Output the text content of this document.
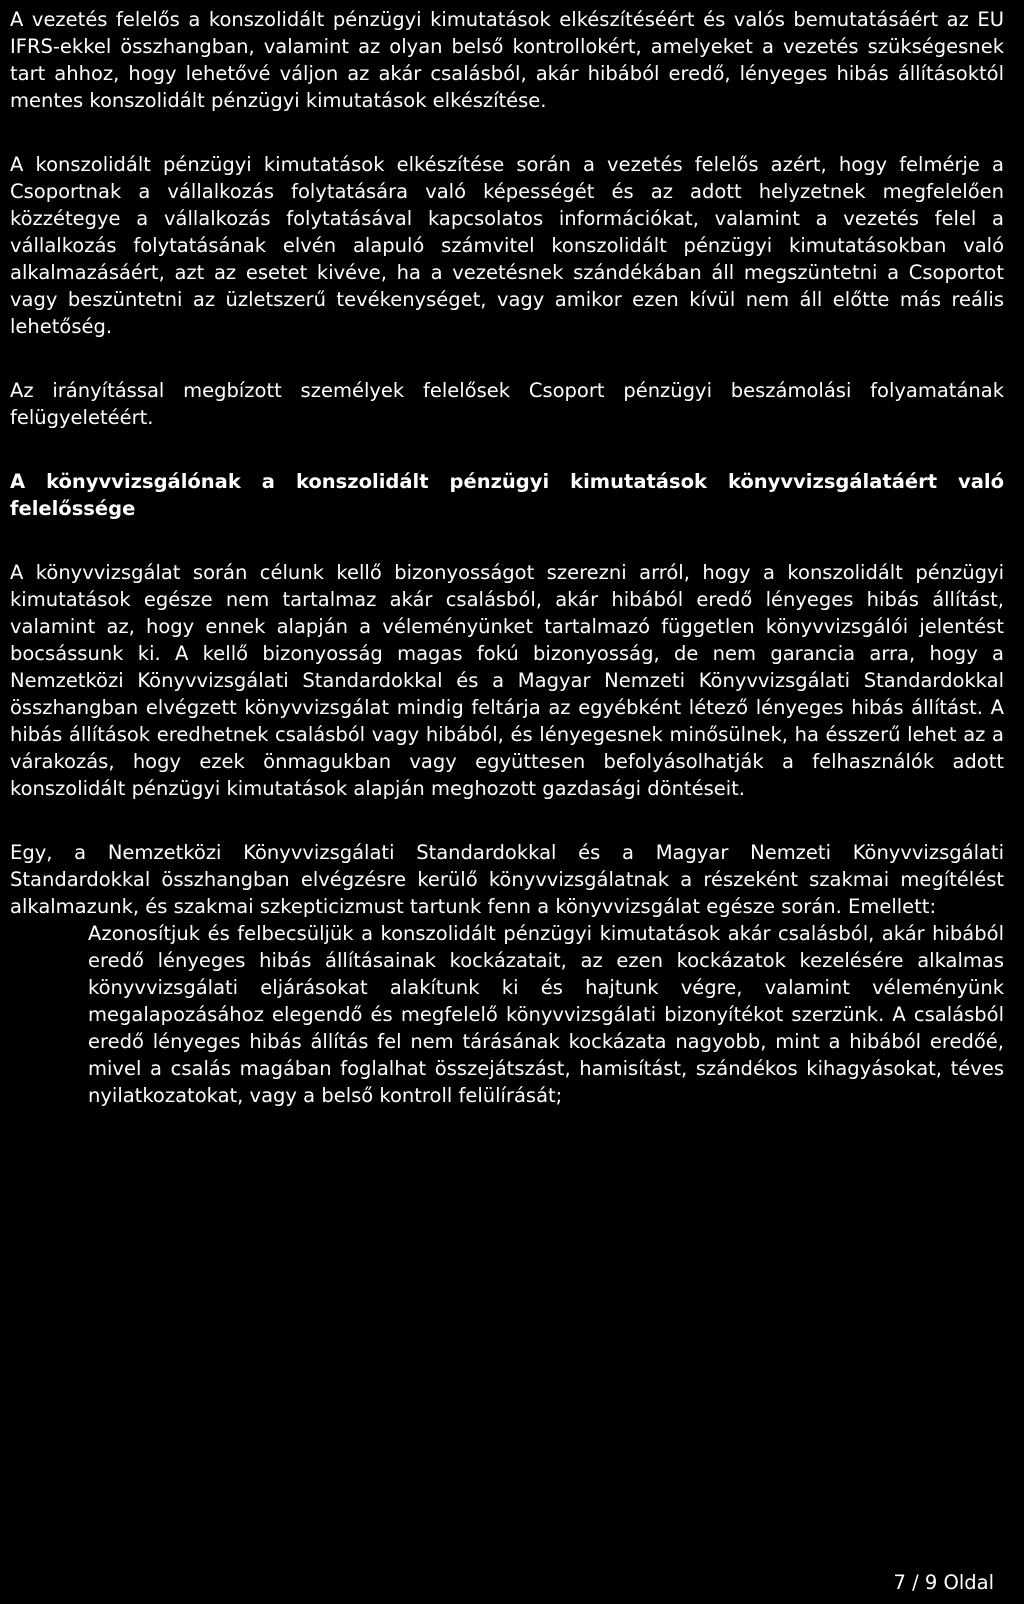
A vezetés felelős a konszolidált pénzügyi kimutatások elkészítéséért és valós bemutatásáért az EU IFRS-ekkel összhangban, valamint az olyan belső kontrollokért, amelyeket a vezetés szükségesnek tart ahhoz, hogy lehetővé váljon az akár csalásból, akár hibából eredő, lényeges hibás állításoktól mentes konszolidált pénzügyi kimutatások elkészítése.

A konszolidált pénzügyi kimutatások elkészítése során a vezetés felelős azért, hogy felmérje a Csoportnak a vállalkozás folytatására való képességét és az adott helyzetnek megfelelően közzétegye a vállalkozás folytatásával kapcsolatos információkat, valamint a vezetés felel a vállalkozás folytatásának elvén alapuló számvitel konszolidált pénzügyi kimutatásokban való alkalmazásáért, azt az esetet kivéve, ha a vezetésnek szándékában áll megszüntetni a Csoportot vagy beszüntetni az üzletszerű tevékenységet, vagy amikor ezen kívül nem áll előtte más reális lehetőség.

Az irányítással megbízott személyek felelősek Csoport pénzügyi beszámolási folyamatának felügyeletéért.

A könyvvizsgálónak a konszolidált pénzügyi kimutatások könyvvizsgálatáért való felelőssége

A könyvvizsgálat során célunk kellő bizonyosságot szerezni arról, hogy a konszolidált pénzügyi kimutatások egésze nem tartalmaz akár csalásból, akár hibából eredő lényeges hibás állítást, valamint az, hogy ennek alapján a véleményünket tartalmazó független könyvvizsgálói jelentést bocsássunk ki. A kellő bizonyosság magas fokú bizonyosság, de nem garancia arra, hogy a Nemzetközi Könyvvizsgálati Standardokkal és a Magyar Nemzeti Könyvvizsgálati Standardokkal összhangban elvégzett könyvvizsgálat mindig feltárja az egyébként létező lényeges hibás állítást. A hibás állítások eredhetnek csalásból vagy hibából, és lényegesnek minősülnek, ha ésszerű lehet az a várakozás, hogy ezek önmagukban vagy együttesen befolyásolhatják a felhasználók adott konszolidált pénzügyi kimutatások alapján meghozott gazdasági döntéseit.

Egy, a Nemzetközi Könyvvizsgálati Standardokkal és a Magyar Nemzeti Könyvvizsgálati Standardokkal összhangban elvégzésre kerülő könyvvizsgálatnak a részeként szakmai megítélést alkalmazunk, és szakmai szkepticizmust tartunk fenn a könyvvizsgálat egésze során. Emellett:

Azonosítjuk és felbecsüljük a konszolidált pénzügyi kimutatások akár csalásból, akár hibából eredő lényeges hibás állításainak kockázatait, az ezen kockázatok kezelésére alkalmas könyvvizsgálati eljárásokat alakítunk ki és hajtunk végre, valamint véleményünk megalapozásához elegendő és megfelelő könyvvizsgálati bizonyítékot szerzünk. A csalásból eredő lényeges hibás állítás fel nem tárásának kockázata nagyobb, mint a hibából eredőé, mivel a csalás magában foglalhat összejátszást, hamisítást, szándékos kihagyásokat, téves nyilatkozatokat, vagy a belső kontroll felülírását;
7 / 9 Oldal
